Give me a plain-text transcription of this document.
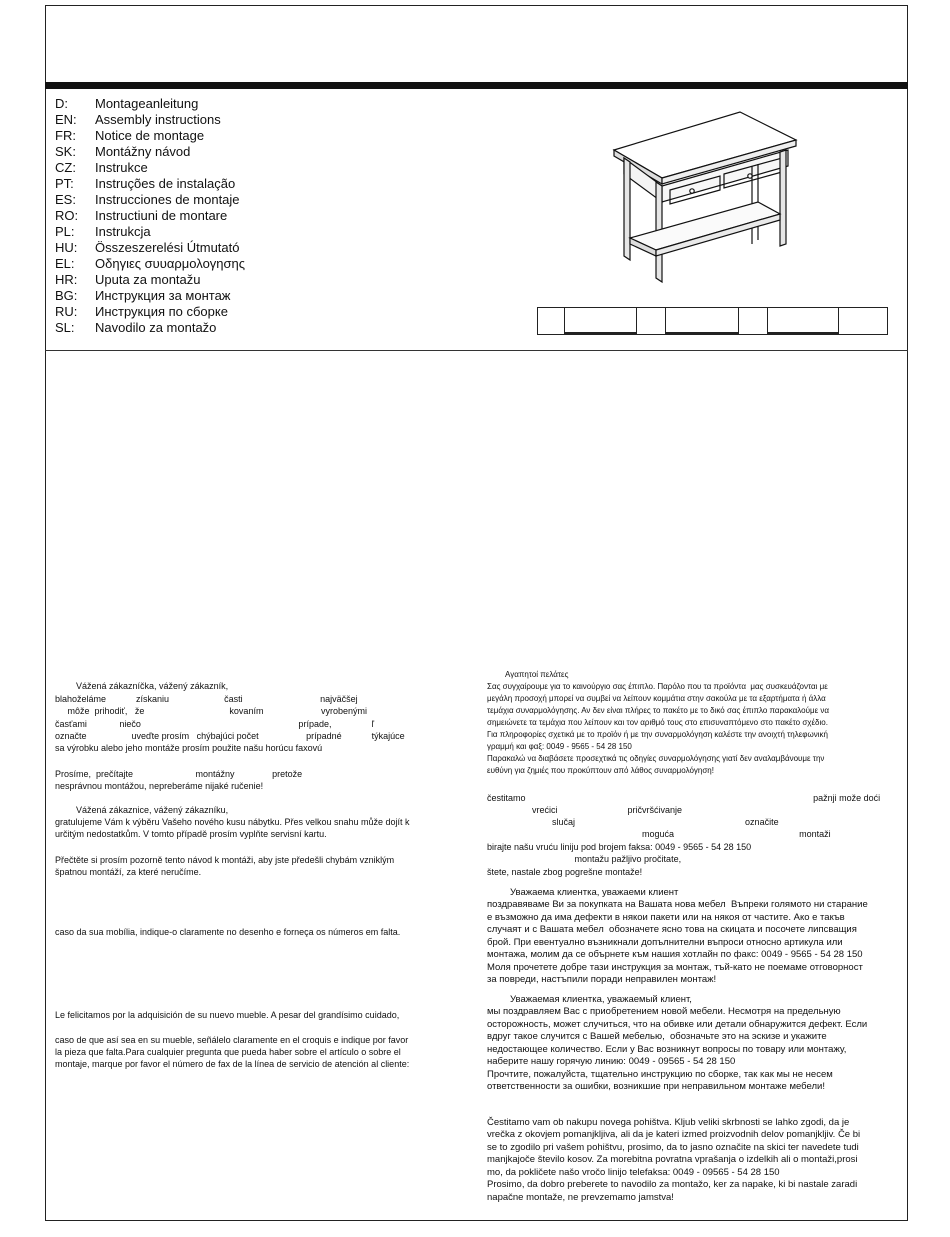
D: Montageanleitung
EN: Assembly instructions
FR: Notice de montage
SK: Montážny návod
CZ: Instrukce
PT: Instruções de instalação
ES: Instrucciones de montaje
RO: Instructiuni de montare
PL: Instrukcja
HU: Összeszerelési Útmutató
EL: Οδηγιες συυαρμολογησης
HR: Uputa za montažu
BG: Инструкция за монтаж
RU: Инструкция по сборке
SL: Navodilo za montažo
Vážená zákazníčka, vážený zákazník,
blahoželáme            získaniu                      časti                               najväčšej
môže  prihodiť,   že                                  kovaním                       vyrobenými
časťami             niečo                                                               prípade,                ľ
označte                  uveďte prosím   chýbajúci počet                   prípadné            týkajúce
sa výrobku alebo jeho montáže prosím použite našu horúcu faxovú
Prosíme,  prečítajte                         montážny               pretože
nesprávnou montážou, nepreberáme nijaké ručenie!
Vážená zákaznice, vážený zákazníku,
gratulujeme Vám k výběru Vašeho nového kusu nábytku. Přes velkou snahu může dojít k
určitým nedostatkům. V tomto případě prosím vyplňte servisní kartu.
Přečtěte si prosím pozorně tento návod k montáži, aby jste předešli chybám vzniklým
špatnou montáží, za které neručíme.
caso da sua mobília, indique-o claramente no desenho e forneça os números em falta.
Le felicitamos por la adquisición de su nuevo mueble. A pesar del grandísimo cuidado,
caso de que así sea en su mueble, señálelo claramente en el croquis e indique por favor
la pieza que falta.Para cualquier pregunta que pueda haber sobre el artículo o sobre el
montaje, marque por favor el número de fax de la línea de servicio de atención al cliente:
Αγαπητοί πελάτες
Σας συγχαίρουμε για το καινούργιο σας έπιπλο. Παρόλο που τα προϊόντα  μας συσκευάζονται με
μεγάλη προσοχή μπορεί να συμβεί να λείπουν κομμάτια στην σακούλα με τα εξαρτήματα ή άλλα
τεμάχια συναρμολόγησης. Αν δεν είναι πλήρες το πακέτο με το δικό σας έπιπλο παρακαλούμε να
σημειώνετε τα τεμάχια που λείπουν και τον αριθμό τους στο επισυναπτόμενο στο πακέτο σχέδιο.
Για πληροφορίες σχετικά με το προϊόν ή με την συναρμολόγηση καλέστε την ανοιχτή τηλεφωνική
γραμμή και φαξ: 0049 - 9565 - 54 28 150
Παρακαλώ να διαβάσετε προσεχτικά τις οδηγίες συναρμολόγησης γιατί δεν αναλαμβάνουμε την
ευθύνη για ζημιές που προκύπτουν από λάθος συναρμολόγηση!
čestitamo                                                                                                                   pažnji može doći
vrećici                            pričvršćivanje
slučaj                                                                    označite
moguća                                                  montaži
birajte našu vruću liniju pod brojem faksa: 0049 - 9565 - 54 28 150
montažu pažljivo pročitate,
štete, nastale zbog pogrešne montaže!
Уважаема клиентка, уважаеми клиент
поздравяваме Ви за покупката на Вашата нова мебел  Въпреки голямото ни старание
е възможно да има дефекти в някои пакети или на някоя от частите. Ако е такъв
случаят и с Вашата мебел  обозначете ясно това на скицата и посочете липсващия
брой. При евентуално възникнали допълнителни въпроси относно артикула или
монтажа, молим да се обърнете към нашия хотлайн по факс: 0049 - 9565 - 54 28 150
Моля прочетете добре тази инструкция за монтаж, тъй-като не поемаме отговорност
за повреди, настъпили поради неправилен монтаж!
Уважаемая клиентка, уважаемый клиент,
мы поздравляем Вас с приобретением новой мебели. Несмотря на предельную
осторожность, может случиться, что на обивке или детали обнаружится дефект. Если
вдруг такое случится с Вашей мебелью,  обозначьте это на эскизе и укажите
недостающее количество. Если у Вас возникнут вопросы по товару или монтажу,
наберите нашу горячую линию: 0049 - 09565 - 54 28 150
Прочтите, пожалуйста, тщательно инструкцию по сборке, так как мы не несем
ответственности за ошибки, возникшие при неправильном монтаже мебели!
Čestitamo vam ob nakupu novega pohištva. Kljub veliki skrbnosti se lahko zgodi, da je
vrečka z okovjem pomanjkljiva, ali da je kateri izmed proizvodnih delov pomanjkljiv. Če bi
se to zgodilo pri vašem pohištvu, prosimo, da to jasno označite na skici ter navedete tudi
manjkajoče število kosov. Za morebitna povratna vprašanja o izdelkih ali o montaži,prosi
mo, da pokličete našo vročo linijo telefaksa: 0049 - 09565 - 54 28 150
Prosimo, da dobro preberete to navodilo za montažo, ker za napake, ki bi nastale zaradi
napačne montaže, ne prevzemamo jamstva!
